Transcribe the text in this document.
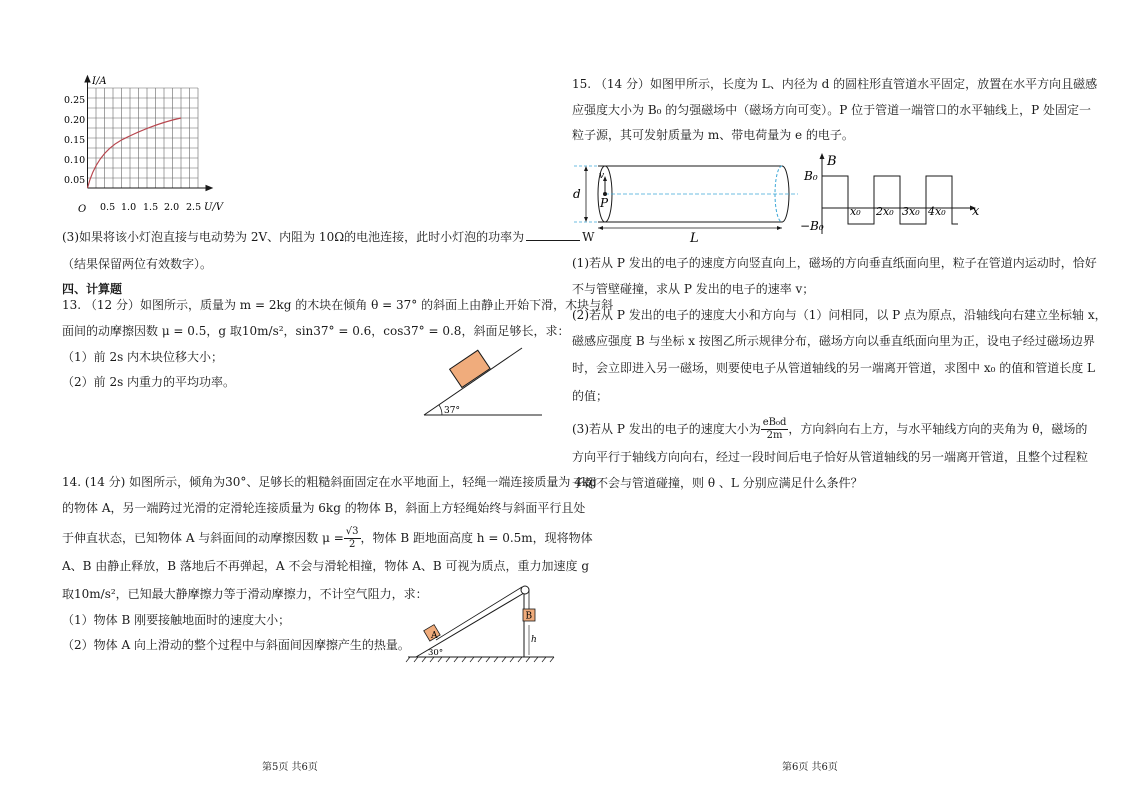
I/A
U/V
O
0.25
0.20
0.15
0.10
0.05
0.5 1.0 1.5 2.0 2.5
(3)如果将该小灯泡直接与电动势为 2V、内阻为 10Ω的电池连接，此时小灯泡的功率为	W
（结果保留两位有效数字）。
四、计算题
13. （12 分）如图所示，质量为 m = 2kg 的木块在倾角 θ = 37° 的斜面上由静止开始下滑，木块与斜
面间的动摩擦因数 μ = 0.5，g 取10m/s²，sin37° = 0.6，cos37° = 0.8，斜面足够长，求：
（1）前 2s 内木块位移大小；
（2）前 2s 内重力的平均功率。
37°
14. (14 分) 如图所示，倾角为30°、足够长的粗糙斜面固定在水平地面上，轻绳一端连接质量为 4kg
的物体 A，另一端跨过光滑的定滑轮连接质量为 6kg 的物体 B，斜面上方轻绳始终与斜面平行且处
于伸直状态，已知物体 A 与斜面间的动摩擦因数 $\mu = \frac{√3}{2}$ ，物体 B 距地面高度 h = 0.5m，现将物体
A、B 由静止释放，B 落地后不再弹起，A 不会与滑轮相撞，物体 A、B 可视为质点，重力加速度 g
取10m/s²，已知最大静摩擦力等于滑动摩擦力，不计空气阻力，求：
（1）物体 B 刚要接触地面时的速度大小；
（2）物体 A 向上滑动的整个过程中与斜面间因摩擦产生的热量。
A
B
h
30°
第5页 共6页
15. （14 分）如图甲所示，长度为 L、内径为 d 的圆柱形直管道水平固定，放置在水平方向且磁感
应强度大小为 B₀ 的匀强磁场中（磁场方向可变）。P 位于管道一端管口的水平轴线上，P 处固定一
粒子源，其可发射质量为 m、带电荷量为 e 的电子。
d
v
P
L
B
B₀
−B₀
x
x₀ 2x₀ 3x₀ 4x₀
(1)若从 P 发出的电子的速度方向竖直向上，磁场的方向垂直纸面向里，粒子在管道内运动时，恰好
不与管壁碰撞，求从 P 发出的电子的速率 v；
(2)若从 P 发出的电子的速度大小和方向与（1）问相同，以 P 点为原点，沿轴线向右建立坐标轴 x，
磁感应强度 B 与坐标 x 按图乙所示规律分布，磁场方向以垂直纸面向里为正，设电子经过磁场边界
时，会立即进入另一磁场，则要使电子从管道轴线的另一端离开管道，求图中 x₀ 的值和管道长度 L
的值；
(3)若从 P 发出的电子的速度大小为 $\frac{\text{eB₀d}}{2m}$ ，方向斜向右上方，与水平轴线方向的夹角为 θ，磁场的
方向平行于轴线方向向右，经过一段时间后电子恰好从管道轴线的另一端离开管道，且整个过程粒
子都不会与管道碰撞，则 θ 、L 分别应满足什么条件？
第6页 共6页
